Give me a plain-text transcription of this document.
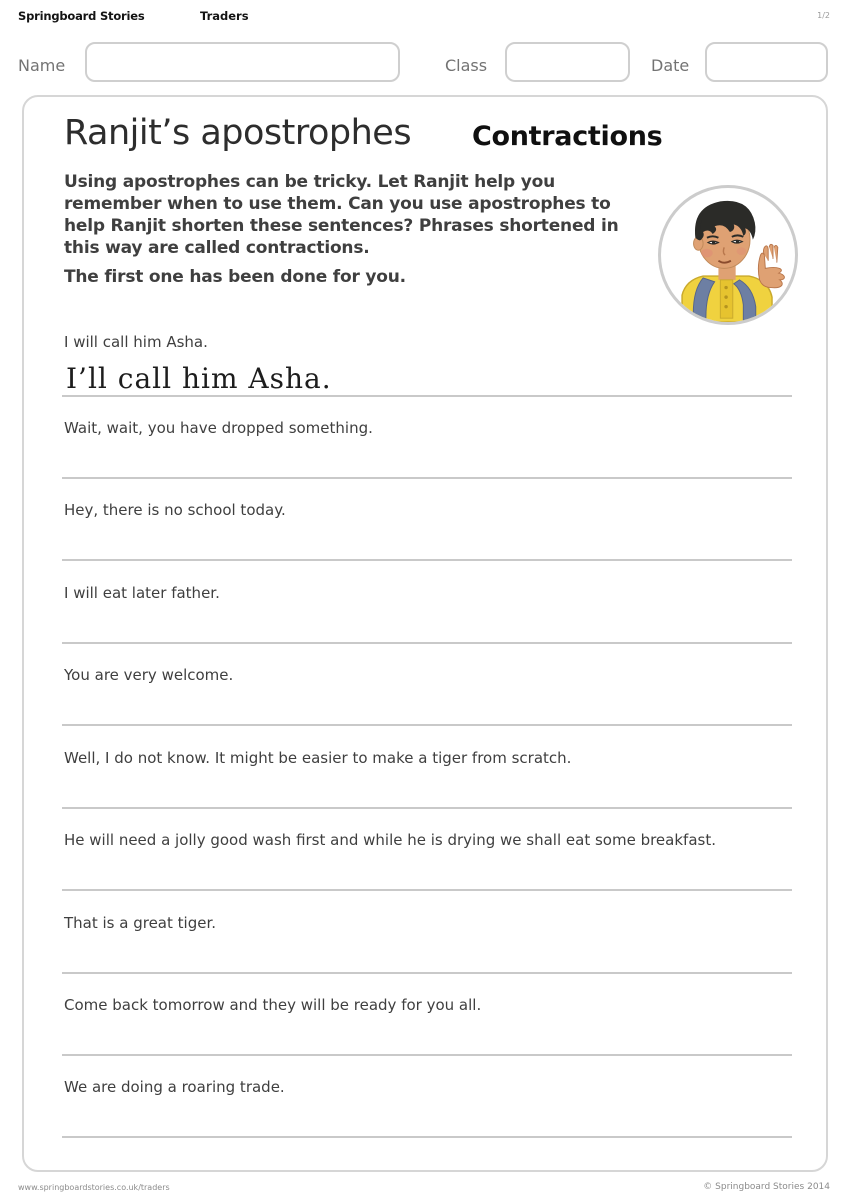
Springboard Stories	Traders	1/2
Name	Class	Date
Ranjit’s apostrophes Contractions

Using apostrophes can be tricky. Let Ranjit help you remember when to use them. Can you use apostrophes to help Ranjit shorten these sentences? Phrases shortened in this way are called contractions.

The first one has been done for you.

I will call him Asha.

I’ll call him Asha.

Wait, wait, you have dropped something.

Hey, there is no school today.

I will eat later father.

You are very welcome.

Well, I do not know. It might be easier to make a tiger from scratch.

He will need a jolly good wash first and while he is drying we shall eat some breakfast.

That is a great tiger.

Come back tomorrow and they will be ready for you all.

We are doing a roaring trade.

www.springboardstories.co.uk/traders	© Springboard Stories 2014
